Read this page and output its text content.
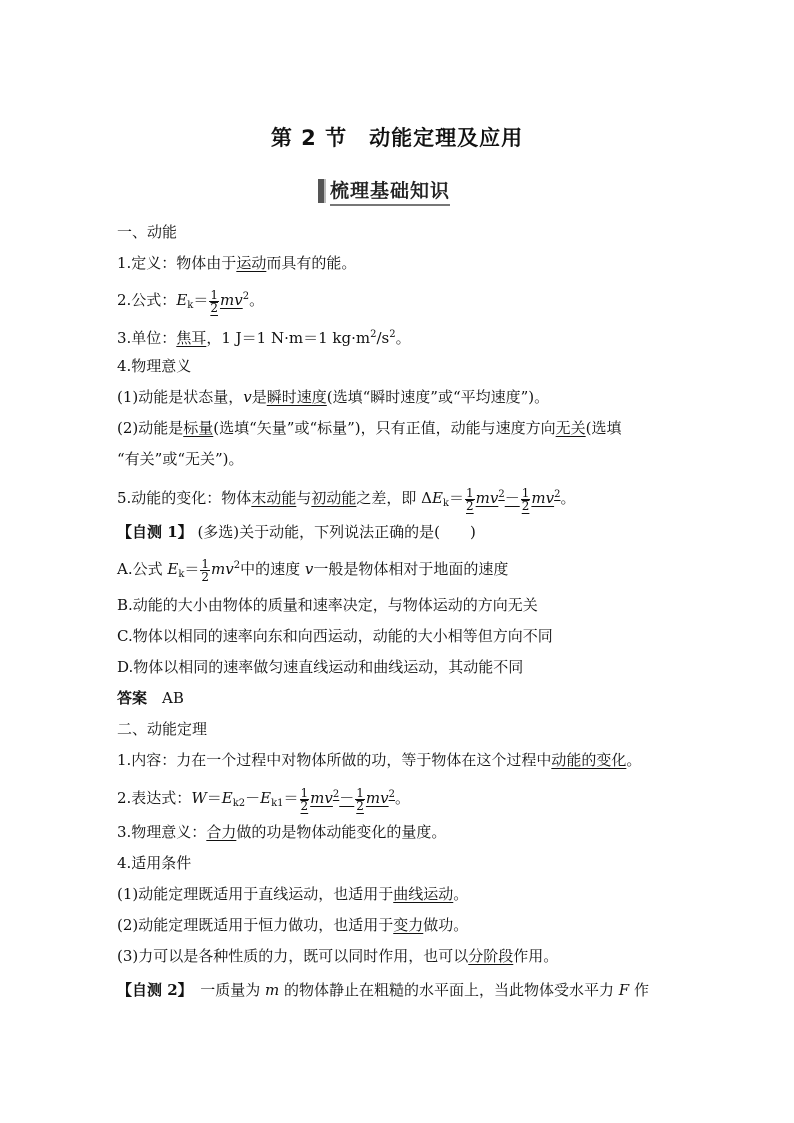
第 2 节　动能定理及应用
梳理基础知识
一、动能
1.定义：物体由于运动而具有的能。
2.公式：$E_k= \frac{1}{2} mv^2$。
3.单位：焦耳，1 J＝1 N·m＝1 $kg\cdot m^2/s^2$。
4.物理意义
(1)动能是状态量，v是瞬时速度(选填“瞬时速度”或“平均速度”)。
(2)动能是标量(选填“矢量”或“标量”)，只有正值，动能与速度方向无关(选填
“有关”或“无关”)。
5.动能的变化：物体末动能与初动能之差，即 $\Delta E_k= \frac{1}{2} mv^2- \frac{1}{2} mv^2$。
【自测 1】 (多选)关于动能，下列说法正确的是(　　)
A.公式 $E_k= \frac{1}{2} mv^2$中的速度 v一般是物体相对于地面的速度
B.动能的大小由物体的质量和速率决定，与物体运动的方向无关
C.物体以相同的速率向东和向西运动，动能的大小相等但方向不同
D.物体以相同的速率做匀速直线运动和曲线运动，其动能不同
答案　 AB
二、动能定理
1.内容：力在一个过程中对物体所做的功，等于物体在这个过程中动能的变化。
2.表达式：$W=E_{k2}-E_{k1}= \frac{1}{2} mv^2- \frac{1}{2} mv^2$。
3.物理意义：合力做的功是物体动能变化的量度。
4.适用条件
(1)动能定理既适用于直线运动，也适用于曲线运动。
(2)动能定理既适用于恒力做功，也适用于变力做功。
(3)力可以是各种性质的力，既可以同时作用，也可以分阶段作用。
【自测 2】　 一质量为 m 的物体静止在粗糙的水平面上，当此物体受水平力 F 作
